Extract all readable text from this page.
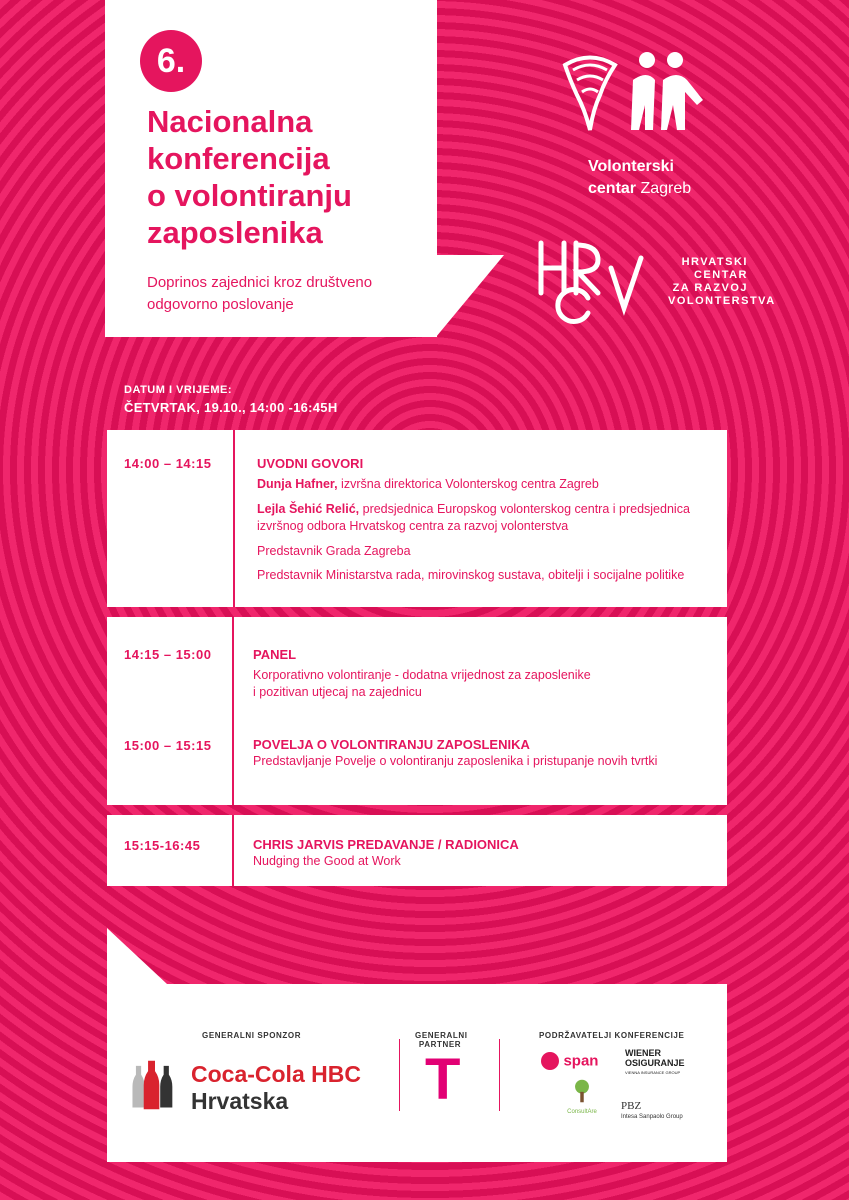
6.
Nacionalna
konferencija
o volontiranju
zaposlenika
Doprinos zajednici kroz društveno odgovorno poslovanje
Volonterski
centar Zagreb
HRVATSKI
CENTAR
ZA RAZVOJ
VOLONTERSTVA
DATUM I VRIJEME:
ČETVRTAK, 19.10., 14:00 -16:45H
14:00 – 14:15	UVODNI GOVORI
Dunja Hafner, izvršna direktorica Volonterskog centra Zagreb
Lejla Šehić Relić, predsjednica Europskog volonterskog centra i predsjednica
izvršnog odbora Hrvatskog centra za razvoj volonterstva
Predstavnik Grada Zagreba
Predstavnik Ministarstva rada, mirovinskog sustava, obitelji i socijalne politike
14:15 – 15:00	PANEL
Korporativno volontiranje - dodatna vrijednost za zaposlenike
i pozitivan utjecaj na zajednicu
15:00 – 15:15	POVELJA O VOLONTIRANJU ZAPOSLENIKA
Predstavljanje Povelje o volontiranju zaposlenika i pristupanje novih tvrtki
15:15-16:45	CHRIS JARVIS PREDAVANJE / RADIONICA
Nudging the Good at Work
GENERALNI SPONZOR
Coca-Cola HBC
Hrvatska
GENERALNI
PARTNER
T
PODRŽAVATELJI KONFERENCIJE
span	WIENER
OSIGURANJE
VIENNA INSURANCE GROUP
ConsultAre	PBZ
Intesa Sanpaolo Group
